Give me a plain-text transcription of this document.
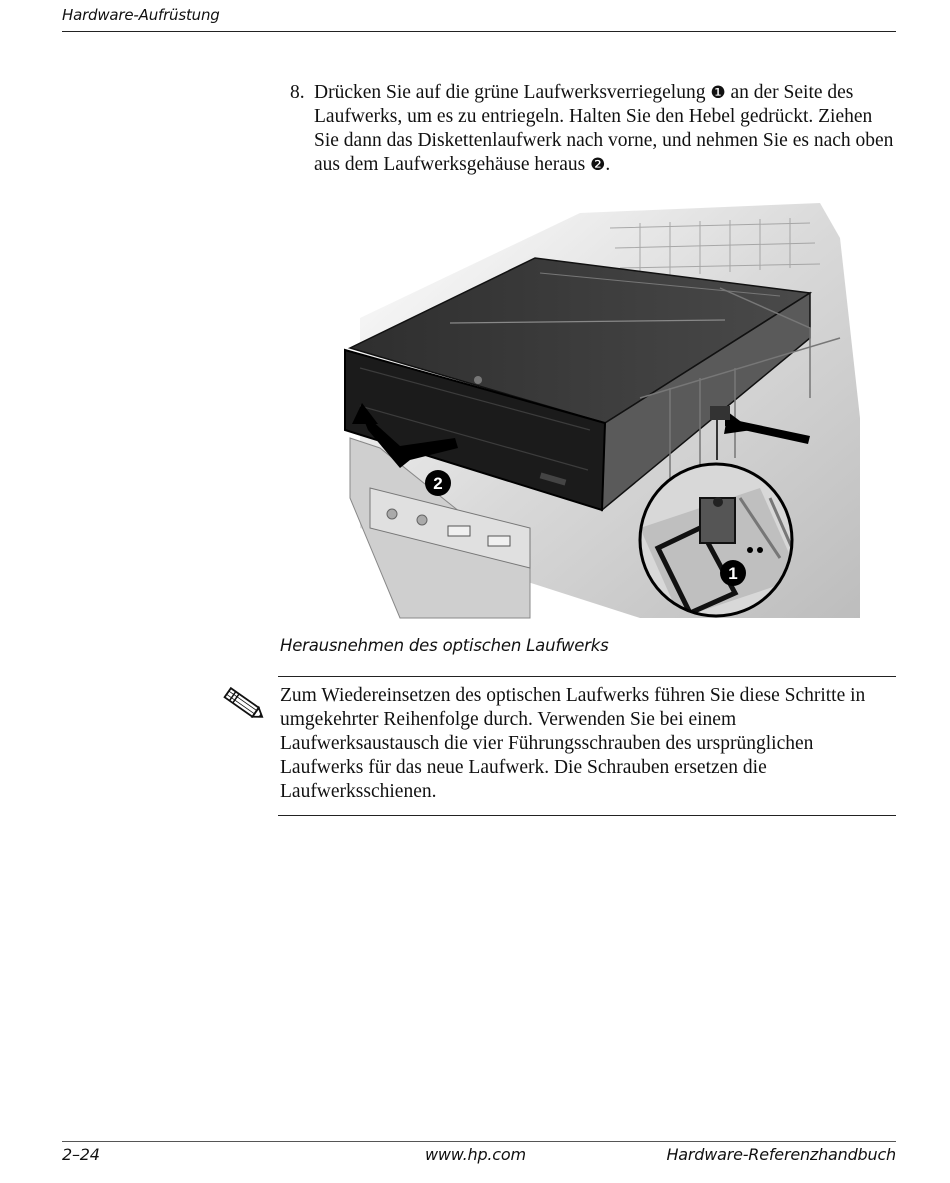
Hardware-Aufrüstung
8. Drücken Sie auf die grüne Laufwerksverriegelung ❶ an der Seite des Laufwerks, um es zu entriegeln. Halten Sie den Hebel gedrückt. Ziehen Sie dann das Diskettenlaufwerk nach vorne, und nehmen Sie es nach oben aus dem Laufwerksgehäuse heraus ❷.
2
1
Herausnehmen des optischen Laufwerks
Zum Wiedereinsetzen des optischen Laufwerks führen Sie diese Schritte in umgekehrter Reihenfolge durch. Verwenden Sie bei einem Laufwerksaustausch die vier Führungsschrauben des ursprünglichen Laufwerks für das neue Laufwerk. Die Schrauben ersetzen die Laufwerksschienen.
2–24	www.hp.com	Hardware-Referenzhandbuch
